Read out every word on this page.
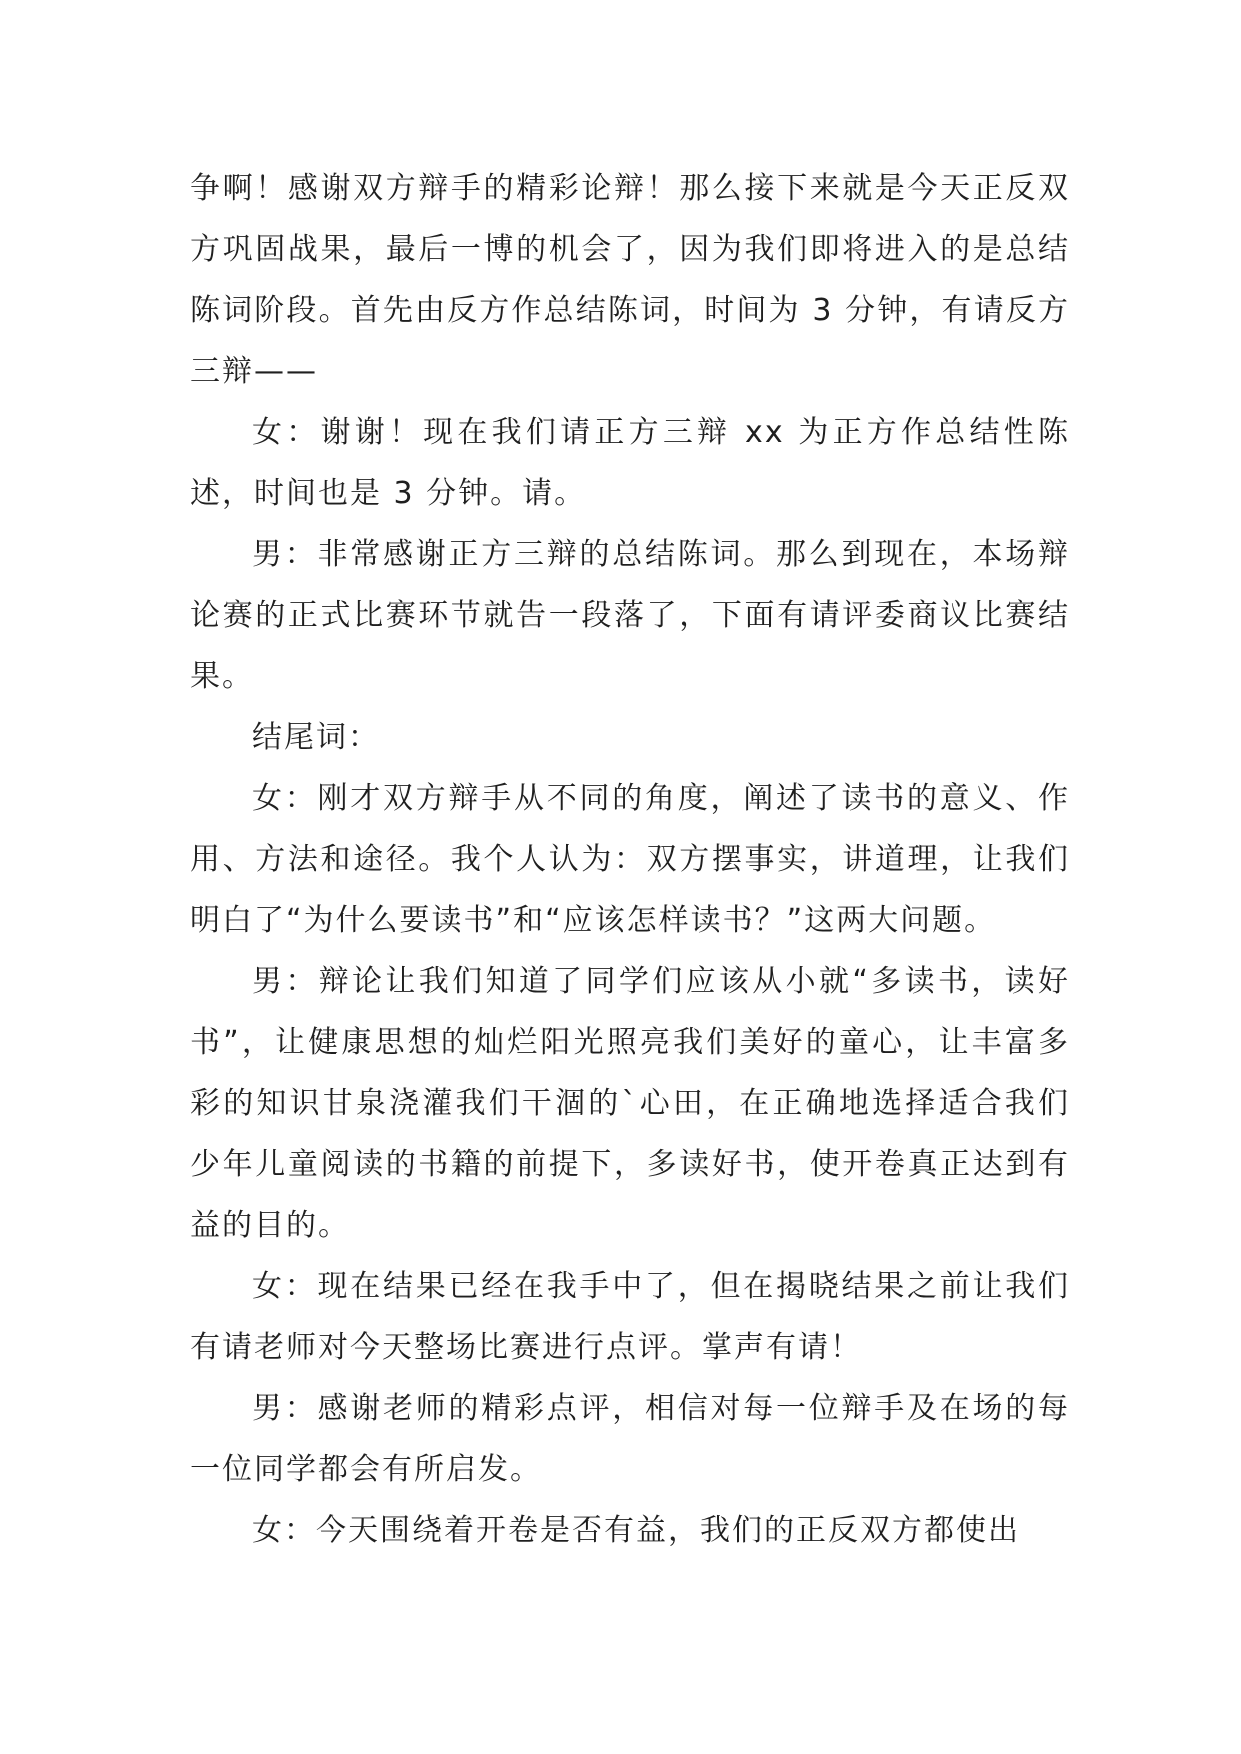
争啊！感谢双方辩手的精彩论辩！那么接下来就是今天正反双方巩固战果，最后一博的机会了，因为我们即将进入的是总结陈词阶段。首先由反方作总结陈词，时间为 3 分钟，有请反方三辩——

女：谢谢！现在我们请正方三辩 xx 为正方作总结性陈述，时间也是 3 分钟。请。

男：非常感谢正方三辩的总结陈词。那么到现在，本场辩论赛的正式比赛环节就告一段落了，下面有请评委商议比赛结果。

结尾词：

女：刚才双方辩手从不同的角度，阐述了读书的意义、作用、方法和途径。我个人认为：双方摆事实，讲道理，让我们明白了“为什么要读书”和“应该怎样读书？”这两大问题。

男：辩论让我们知道了同学们应该从小就“多读书，读好书”，让健康思想的灿烂阳光照亮我们美好的童心，让丰富多彩的知识甘泉浇灌我们干涸的`心田，在正确地选择适合我们少年儿童阅读的书籍的前提下，多读好书，使开卷真正达到有益的目的。

女：现在结果已经在我手中了，但在揭晓结果之前让我们有请老师对今天整场比赛进行点评。掌声有请！

男：感谢老师的精彩点评，相信对每一位辩手及在场的每一位同学都会有所启发。

女：今天围绕着开卷是否有益，我们的正反双方都使出
